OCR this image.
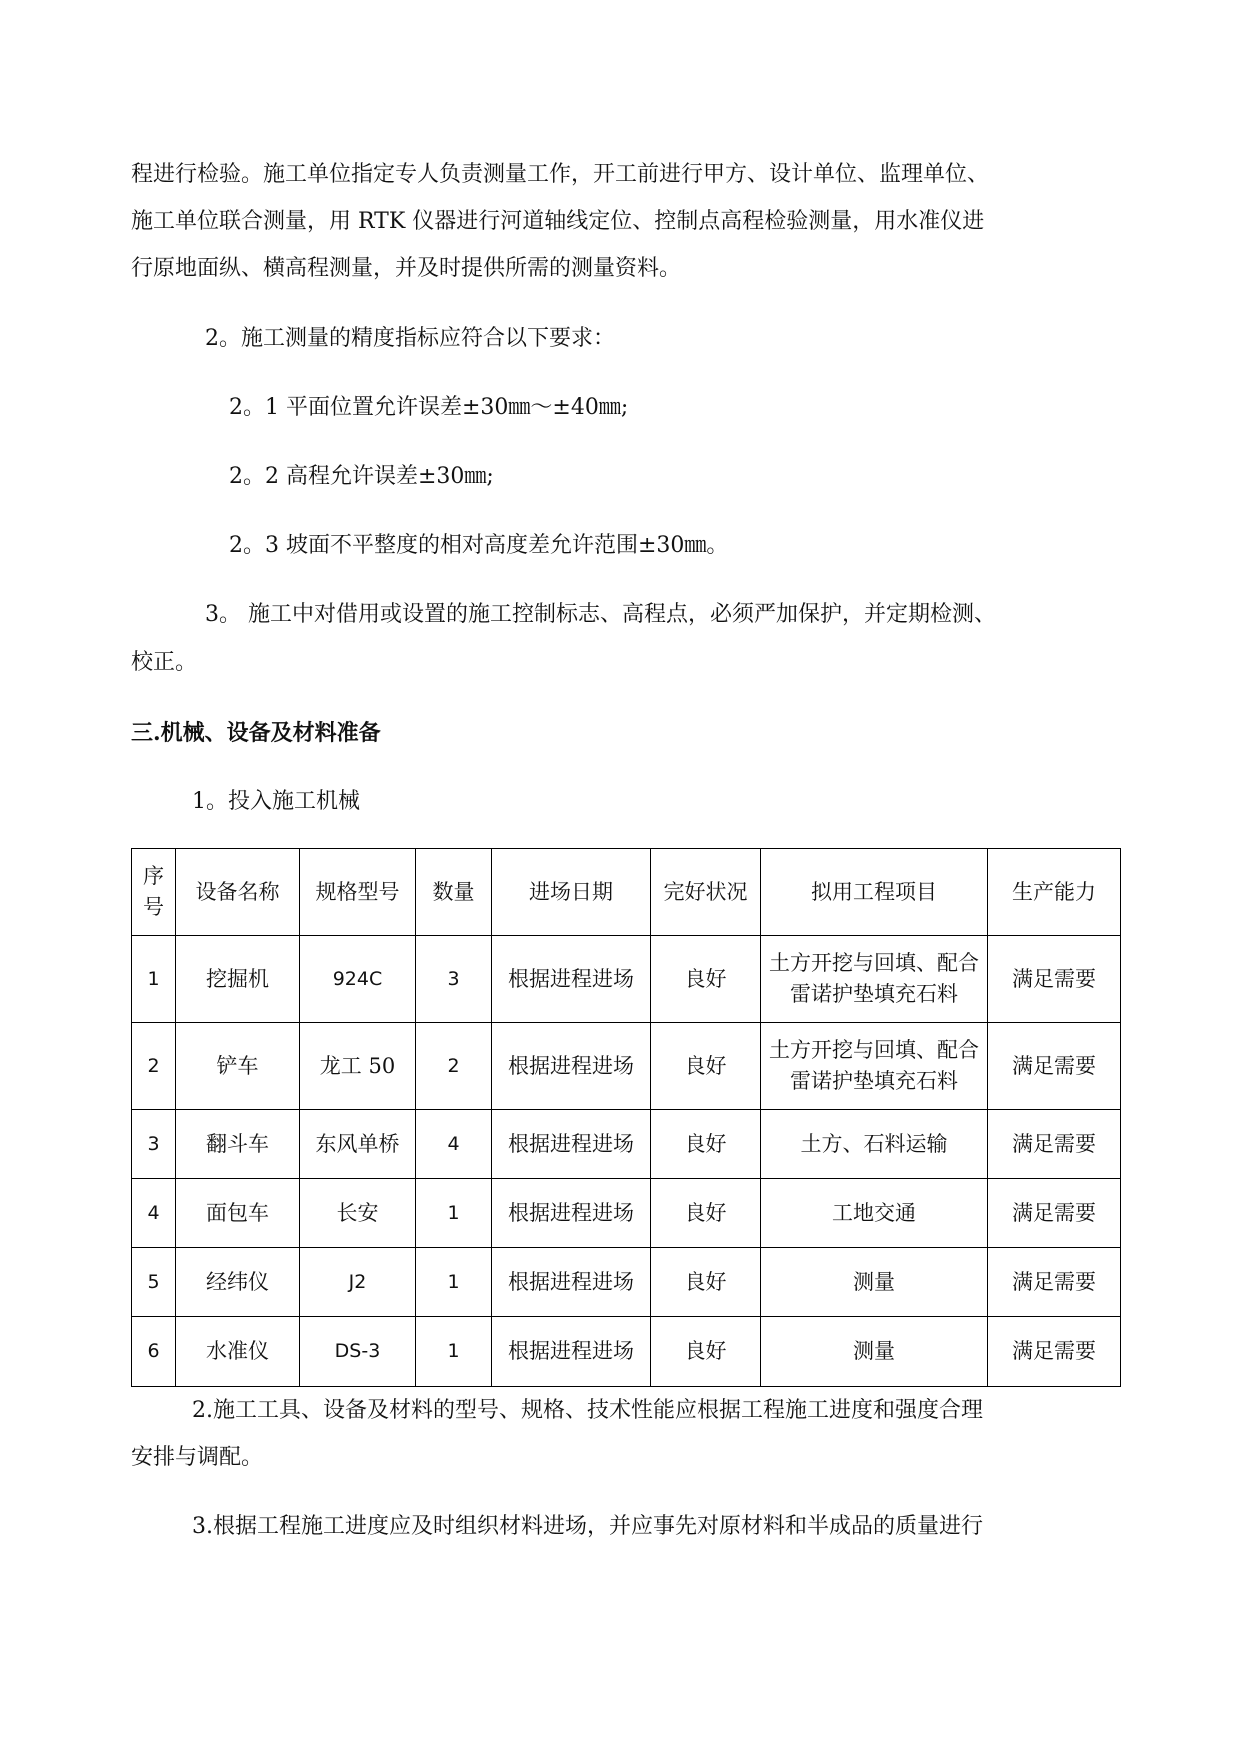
程进行检验。施工单位指定专人负责测量工作，开工前进行甲方、设计单位、监理单位、
施工单位联合测量，用 RTK 仪器进行河道轴线定位、控制点高程检验测量，用水准仪进
行原地面纵、横高程测量，并及时提供所需的测量资料。
2。施工测量的精度指标应符合以下要求：
2。1 平面位置允许误差±30㎜～±40㎜;
2。2 高程允许误差±30㎜;
2。3 坡面不平整度的相对高度差允许范围±30㎜。
3。 施工中对借用或设置的施工控制标志、高程点，必须严加保护，并定期检测、
校正。
三.机械、设备及材料准备
1。投入施工机械
序号	设备名称	规格型号	数量	进场日期	完好状况	拟用工程项目	生产能力
1	挖掘机	924C	3	根据进程进场	良好	土方开挖与回填、配合雷诺护垫填充石料	满足需要
2	铲车	龙工 50	2	根据进程进场	良好	土方开挖与回填、配合雷诺护垫填充石料	满足需要
3	翻斗车	东风单桥	4	根据进程进场	良好	土方、石料运输	满足需要
4	面包车	长安	1	根据进程进场	良好	工地交通	满足需要
5	经纬仪	J2	1	根据进程进场	良好	测量	满足需要
6	水准仪	DS-3	1	根据进程进场	良好	测量	满足需要
2.施工工具、设备及材料的型号、规格、技术性能应根据工程施工进度和强度合理
安排与调配。
3.根据工程施工进度应及时组织材料进场，并应事先对原材料和半成品的质量进行
